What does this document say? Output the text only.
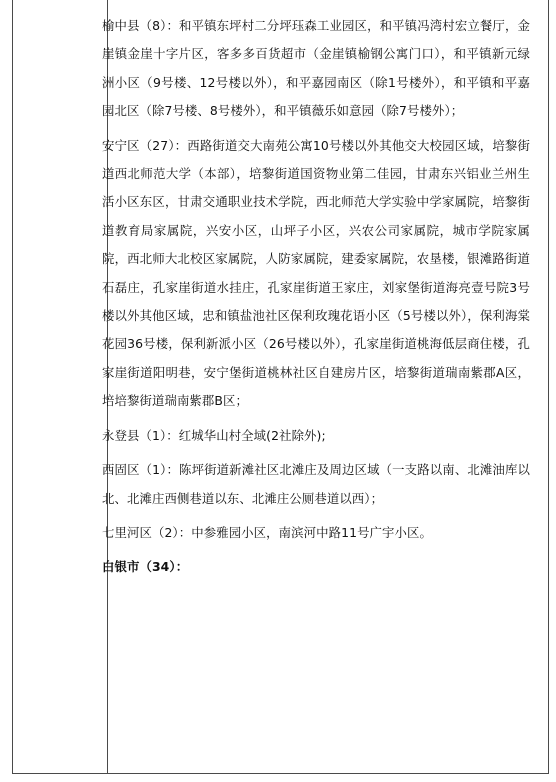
榆中县（8）：和平镇东坪村二分坪珏森工业园区，和平镇冯湾村宏立餐厅，金崖镇金崖十字片区，客多多百货超市（金崖镇榆钢公寓门口），和平镇新元绿洲小区（9号楼、12号楼以外），和平嘉园南区（除1号楼外），和平镇和平嘉园北区（除7号楼、8号楼外），和平镇薇乐如意园（除7号楼外）；

安宁区（27）：西路街道交大南苑公寓10号楼以外其他交大校园区域，培黎街道西北师范大学（本部），培黎街道国资物业第二佳园，甘肃东兴铝业兰州生活小区东区，甘肃交通职业技术学院，西北师范大学实验中学家属院，培黎街道教育局家属院，兴安小区，山坪子小区，兴农公司家属院，城市学院家属院，西北师大北校区家属院，人防家属院，建委家属院，农垦楼，银滩路街道石磊庄，孔家崖街道水挂庄，孔家崖街道王家庄，刘家堡街道海亮壹号院3号楼以外其他区域，忠和镇盐池社区保利玫瑰花语小区（5号楼以外），保利海棠花园36号楼，保利新派小区（26号楼以外），孔家崖街道桃海低层商住楼，孔家崖街道阳明巷，安宁堡街道桃林社区自建房片区，培黎街道瑞南紫郡A区，培培黎街道瑞南紫郡B区；

永登县（1）：红城华山村全域(2社除外);

西固区（1）：陈坪街道新滩社区北滩庄及周边区域（一支路以南、北滩油库以北、北滩庄西侧巷道以东、北滩庄公厕巷道以西）；

七里河区（2）：中参雅园小区，南滨河中路11号广宇小区。

白银市（34）：
